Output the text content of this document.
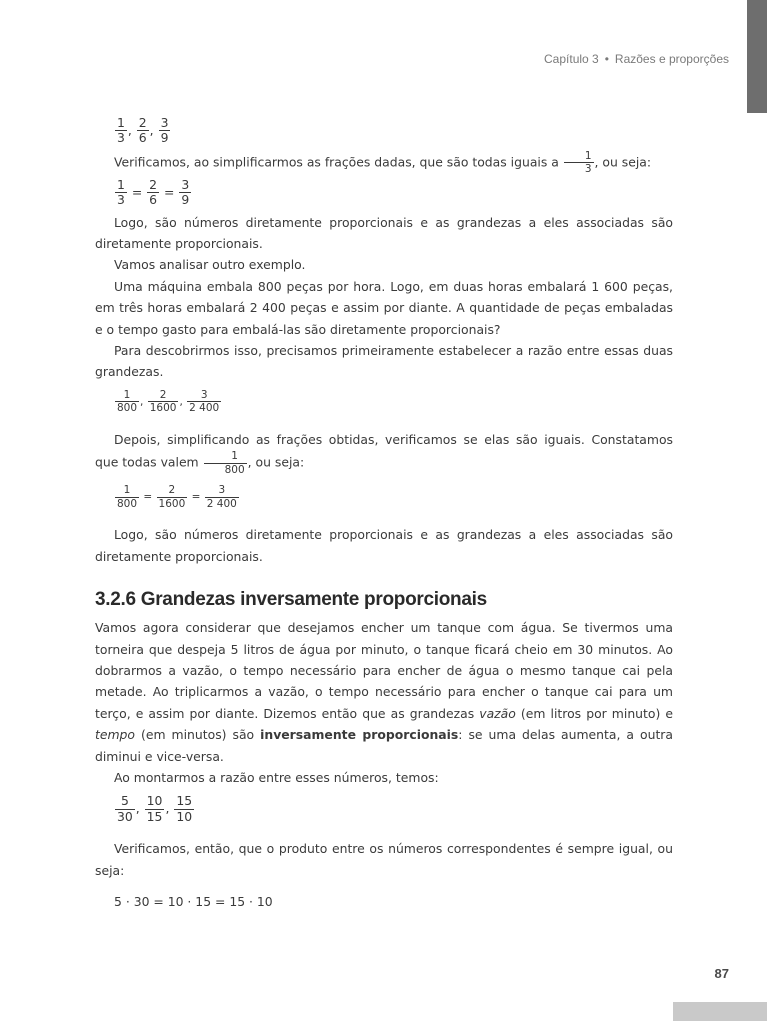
Capítulo 3 • Razões e proporções
$\frac{1}{3}$ , $\frac{2}{6}$ , $\frac{3}{9}$

Verificamos, ao simplificarmos as frações dadas, que são todas iguais a $\frac{1}{3}$ , ou seja:

$\frac{1}{3} = \frac{2}{6} = \frac{3}{9}$

Logo, são números diretamente proporcionais e as grandezas a eles associadas são diretamente proporcionais.

Vamos analisar outro exemplo.

Uma máquina embala 800 peças por hora. Logo, em duas horas embalará 1 600 peças, em três horas embalará 2 400 peças e assim por diante. A quantidade de peças embaladas e o tempo gasto para embalá-las são diretamente proporcionais?

Para descobrirmos isso, precisamos primeiramente estabelecer a razão entre essas duas grandezas.

$\frac{1}{800}$ , $\frac{2}{1600}$ , $\frac{3}{2 400}$

Depois, simplificando as frações obtidas, verificamos se elas são iguais. Constatamos que todas valem $\frac{1}{800}$ , ou seja:

$\frac{1}{800} = \frac{2}{1600} = \frac{3}{2 400}$

Logo, são números diretamente proporcionais e as grandezas a eles associadas são diretamente proporcionais.

3.2.6 Grandezas inversamente proporcionais

Vamos agora considerar que desejamos encher um tanque com água. Se tivermos uma torneira que despeja 5 litros de água por minuto, o tanque ficará cheio em 30 minutos. Ao dobrarmos a vazão, o tempo necessário para encher de água o mesmo tanque cai pela metade. Ao triplicarmos a vazão, o tempo necessário para encher o tanque cai para um terço, e assim por diante. Dizemos então que as grandezas vazão (em litros por minuto) e tempo (em minutos) são inversamente proporcionais: se uma delas aumenta, a outra diminui e vice-versa.

Ao montarmos a razão entre esses números, temos:

$\frac{5}{30}$ , $\frac{10}{15}$ , $\frac{15}{10}$

Verificamos, então, que o produto entre os números correspondentes é sempre igual, ou seja:

5 · 30 = 10 · 15 = 15 · 10

87
